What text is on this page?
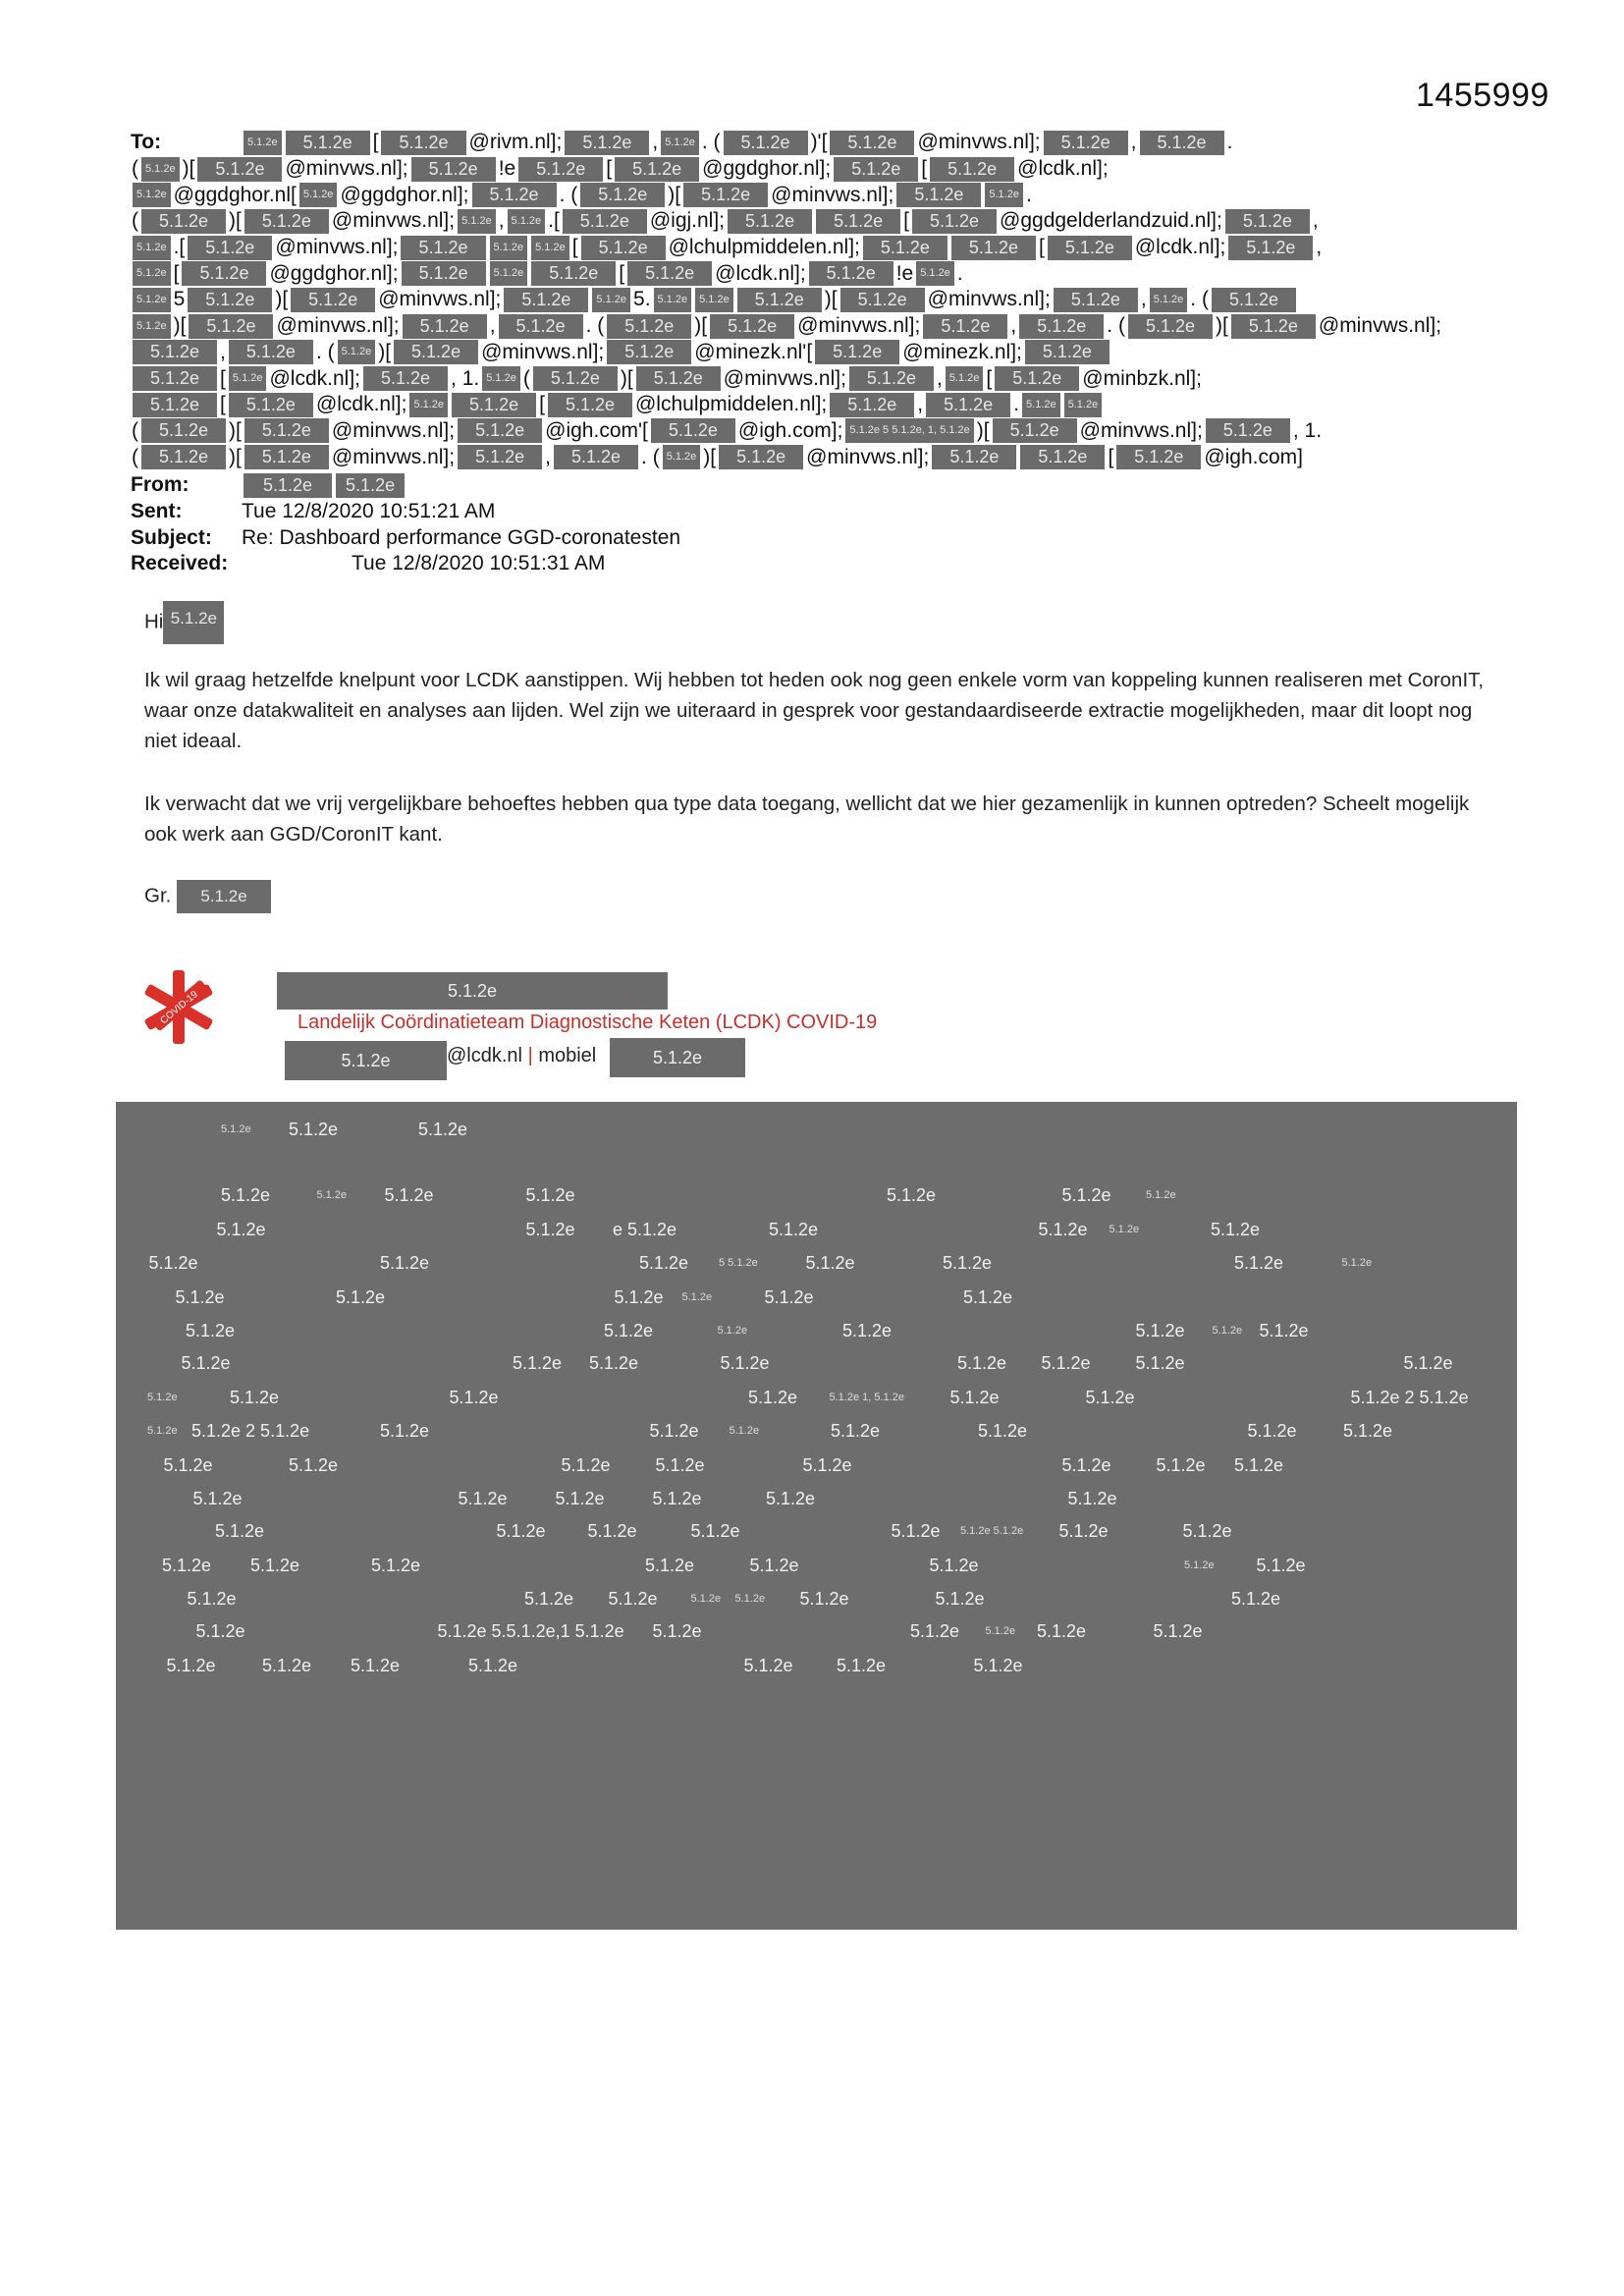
1455999
To:	5.1.2e	5.1.2e	[	5.1.2e	@rivm.nl];	5.1.2e	, 5.1.2e . (	5.1.2e	)'[	5.1.2e	@minvws.nl];	5.1.2e	,	5.1.2e	.
( 5.1.2e )[	5.1.2e	@minvws.nl];	5.1.2e	!e	5.1.2e	[	5.1.2e	@ggdghor.nl];	5.1.2e	[	5.1.2e	@lcdk.nl];
5.1.2e @ggdghor.nl[ 5.1.2e @ggdghor.nl];	5.1.2e	. (	5.1.2e	)[	5.1.2e	@minvws.nl];	5.1.2e	5.1.2e .
(	5.1.2e	)[	5.1.2e	@minvws.nl]; 5.1.2e , 5.1.2e .[	5.1.2e	@igj.nl];	5.1.2e	5.1.2e	[	5.1.2e	@ggdgelderlandzuid.nl];	5.1.2e	,
5.1.2e .[	5.1.2e	@minvws.nl];	5.1.2e	5.1.2e	5.1.2e [	5.1.2e	@lchulpmiddelen.nl];	5.1.2e	5.1.2e	[	5.1.2e	@lcdk.nl];	5.1.2e	,
5.1.2e [	5.1.2e	@ggdghor.nl];	5.1.2e	5.1.2e	5.1.2e	[	5.1.2e	@lcdk.nl];	5.1.2e	!e 5.1.2e .
5.1.2e 5	5.1.2e	)[	5.1.2e	@minvws.nl];	5.1.2e	5.1.2e 5. 5.1.2e	5.1.2e	5.1.2e	)[	5.1.2e	@minvws.nl];	5.1.2e	, 5.1.2e . (	5.1.2e
5.1.2e )[	5.1.2e	@minvws.nl];	5.1.2e	,	5.1.2e	. (	5.1.2e	)[	5.1.2e	@minvws.nl];	5.1.2e	,	5.1.2e	. (	5.1.2e	)[	5.1.2e	@minvws.nl];
5.1.2e	,	5.1.2e	. ( 5.1.2e )[	5.1.2e	@minvws.nl];	5.1.2e	@minezk.nl'[	5.1.2e	@minezk.nl];	5.1.2e
5.1.2e	[ 5.1.2e @lcdk.nl];	5.1.2e	, 1. 5.1.2e (	5.1.2e	)[	5.1.2e	@minvws.nl];	5.1.2e	, 5.1.2e [	5.1.2e	@minbzk.nl];
5.1.2e	[	5.1.2e	@lcdk.nl]; 5.1.2e	5.1.2e	[	5.1.2e	@lchulpmiddelen.nl];	5.1.2e	,	5.1.2e	. 5.1.2e	5.1.2e
(	5.1.2e	)[	5.1.2e	@minvws.nl];	5.1.2e	@igh.com'[	5.1.2e	@igh.com]; 5.1.2e 5 5.1.2e, 1, 5.1.2e )[	5.1.2e	@minvws.nl];	5.1.2e	, 1.
(	5.1.2e	)[	5.1.2e	@minvws.nl];	5.1.2e	,	5.1.2e	. ( 5.1.2e )[	5.1.2e	@minvws.nl];	5.1.2e	5.1.2e	[	5.1.2e	@igh.com]
From:	5.1.2e 5.1.2e
Sent:	Tue 12/8/2020 10:51:21 AM
Subject: Re: Dashboard performance GGD-coronatesten
Received:	Tue 12/8/2020 10:51:31 AM
Hi 5.1.2e
Ik wil graag hetzelfde knelpunt voor LCDK aanstippen. Wij hebben tot heden ook nog geen enkele vorm van koppeling kunnen realiseren met CoronIT, waar onze datakwaliteit en analyses aan lijden. Wel zijn we uiteraard in gesprek voor gestandaardiseerde extractie mogelijkheden, maar dit loopt nog niet ideaal.
Ik verwacht dat we vrij vergelijkbare behoeftes hebben qua type data toegang, wellicht dat we hier gezamenlijk in kunnen optreden? Scheelt mogelijk ook werk aan GGD/CoronIT kant.
Gr. 5.1.2e
COVID-19	5.1.2e
Landelijk Coördinatieteam Diagnostische Keten (LCDK) COVID-19
5.1.2e	@lcdk.nl | mobiel	5.1.2e
5.1.2e 5.1.2e	5.1.2e
5.1.2e	5.1.2e 5.1.2e	5.1.2e	5.1.2e	5.1.2e	5.1.2e
5.1.2e	5.1.2e e 5.1.2e	5.1.2e	5.1.2e 5.1.2e	5.1.2e
5.1.2e	5.1.2e	5.1.2e	5 5.1.2e	5.1.2e	5.1.2e	5.1.2e	5.1.2e
5.1.2e	5.1.2e	5.1.2e 5.1.2e	5.1.2e	5.1.2e
5.1.2e	5.1.2e	5.1.2e	5.1.2e	5.1.2e	5.1.2e 5.1.2e
5.1.2e	5.1.2e 5.1.2e	5.1.2e	5.1.2e 5.1.2e	5.1.2e	5.1.2e
5.1.2e	5.1.2e	5.1.2e	5.1.2e	5.1.2e 1, 5.1.2e	5.1.2e	5.1.2e	5.1.2e 2 5.1.2e
5.1.2e 5.1.2e 2 5.1.2e	5.1.2e	5.1.2e	5.1.2e	5.1.2e	5.1.2e	5.1.2e	5.1.2e
5.1.2e	5.1.2e	5.1.2e	5.1.2e	5.1.2e	5.1.2e	5.1.2e 5.1.2e
5.1.2e	5.1.2e	5.1.2e	5.1.2e	5.1.2e	5.1.2e
5.1.2e	5.1.2e 5.1.2e	5.1.2e	5.1.2e 5.1.2e 5.1.2e 5.1.2e	5.1.2e
5.1.2e 5.1.2e	5.1.2e	5.1.2e	5.1.2e	5.1.2e	5.1.2e 5.1.2e
5.1.2e	5.1.2e 5.1.2e	5.1.2e	5.1.2e
5.1.2e	5.1.2e	5.1.2e
5.1.2e	5.1.2e 5.5.1.2e,1 5.1.2e 5.1.2e	5.1.2e 5.1.2e 5.1.2e	5.1.2e
5.1.2e	5.1.2e 5.1.2e	5.1.2e	5.1.2e 5.1.2e	5.1.2e
